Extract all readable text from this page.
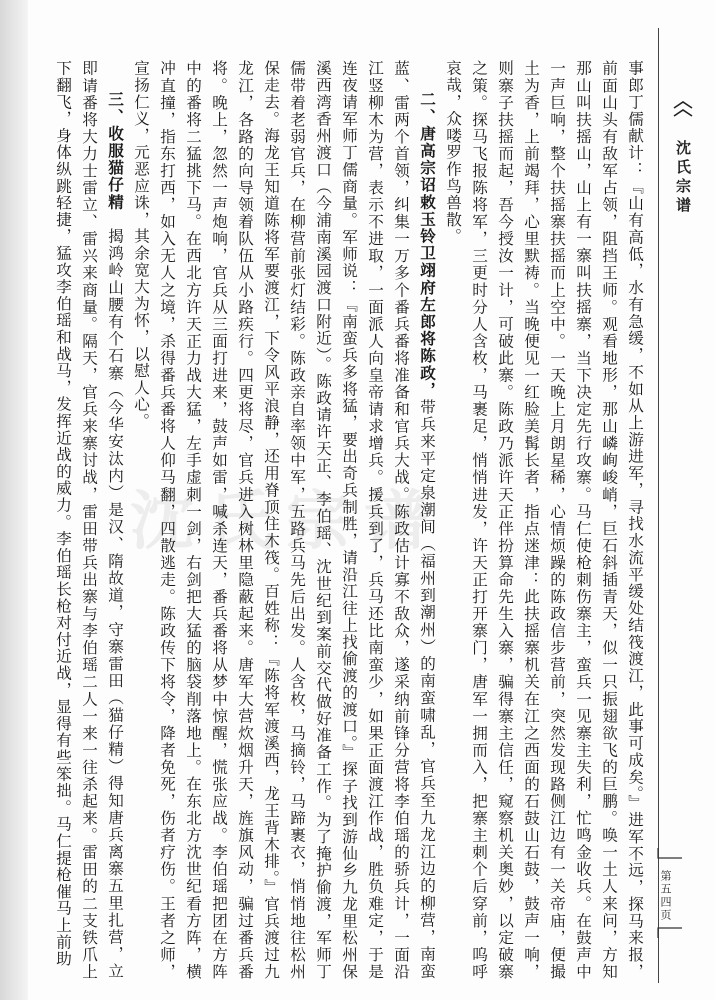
沈氏宗谱
第五四页
沈氏宗谱	事郎丁儒献计：『山有高低，水有急缓，不如从上游进军，寻找水流平缓处结筏渡江，此事可成矣。』进军不远，探马来报，前面山头有敌军占领，阻挡王师。观看地形，那山嶙峋峻峭，巨石斜插青天，似一只振翅欲飞的巨鹏。唤一土人来问，方知那山叫扶摇山，山上有一寨叫扶摇寨，当下决定先行攻寨。马仁使枪刺伤寨主，蛮兵一见寨主失利，忙鸣金收兵。在鼓声中一声巨响，整个扶摇寨扶摇而上空中。一天晚上月朗星稀，心情烦躁的陈政信步营前，突然发现路侧江边有一关帝庙，便撮土为香，上前竭拜，心里默祷。当晚便见一红脸美髯长者，指点迷津：此扶摇寨机关在江之西面的石鼓山石鼓，鼓声一响，则寨子扶摇而起，吾今授汝一计，可破此寨。陈政乃派许天正伴扮算命先生入寨，骗得寨主信任，窥察机关奥妙，以定破寨之策。探马飞报陈将军，三更时分人含枚，马裹足，悄悄进发，许天正打开寨门，唐军一拥而入，把寨主刺个后穿前，呜呼哀哉，众喽罗作鸟兽散。

二、唐高宗诏敕玉铃卫翊府左郎将陈政，带兵来平定泉潮间（福州到潮州）的南蛮啸乱，官兵至九龙江边的柳营，南蛮蓝、雷两个首领，纠集一万多个番兵番将准备和官兵大战。陈政估计寡不敌众，遂采纳前锋分营将李伯瑶的骄兵计，一面沿江竖柳木为营，表示不进取，一面派人向皇帝请求增兵。援兵到了，兵马还比南蛮少，如果正面渡江作战，胜负难定，于是连夜请军师丁儒商量。军师说：『南蛮兵多将猛，要出奇兵制胜，请沿江往上找偷渡的渡口。』探子找到游仙乡九龙里松州保溪西湾香州渡口（今浦南溪园渡口附近）。陈政请许天正、李伯瑶、沈世纪到案前交代做好准备工作。为了掩护偷渡，军师丁儒带着老弱官兵，在柳营前张灯结彩。陈政亲自率领中军，五路兵马先后出发。人含枚，马摘铃，马蹄裹衣，悄悄地往松州保走去。海龙王知道陈将军要渡江，下令风平浪静，还用脊顶住木筏。百姓称：『陈将军渡溪西，龙王背木排。』官兵渡过九龙江，各路的向导领着队伍从小路疾行。四更将尽，官兵进入树林里隐蔽起来。唐军大营炊烟升天，旌旗风动，骗过番兵番将。晚上，忽然一声炮响，官兵从三面打进来，鼓声如雷，喊杀连天，番兵番将从梦中惊醒，慌张应战。李伯瑶把团在方阵中的番将二猛挑下马。在西北方许天正力战大猛，左手虚刺一剑，右剑把大猛的脑袋削落地上。在东北方沈世纪看方阵，横冲直撞，指东打西，如入无人之境，杀得番兵番将人仰马翻，四散逃走。陈政传下将令，降者免死，伤者疗伤。王者之师，宣扬仁义，元恶应诛，其余宽大为怀，以慰人心。

三、收服猫仔精　揭鸿岭山腰有个石寨（今华安汰内）是汉、隋故道，守寨雷田（猫仔精）得知唐兵离寨五里扎营，立即请番将大力士雷立、雷兴来商量。隔天，官兵来寨讨战，雷田带兵出寨与李伯瑶二人一来一往杀起来。雷田的二支铁爪上下翻飞，身体纵跳轻捷，猛攻李伯瑶和战马，发挥近战的威力。李伯瑶长枪对付近战，显得有些笨拙。马仁提枪催马上前助
